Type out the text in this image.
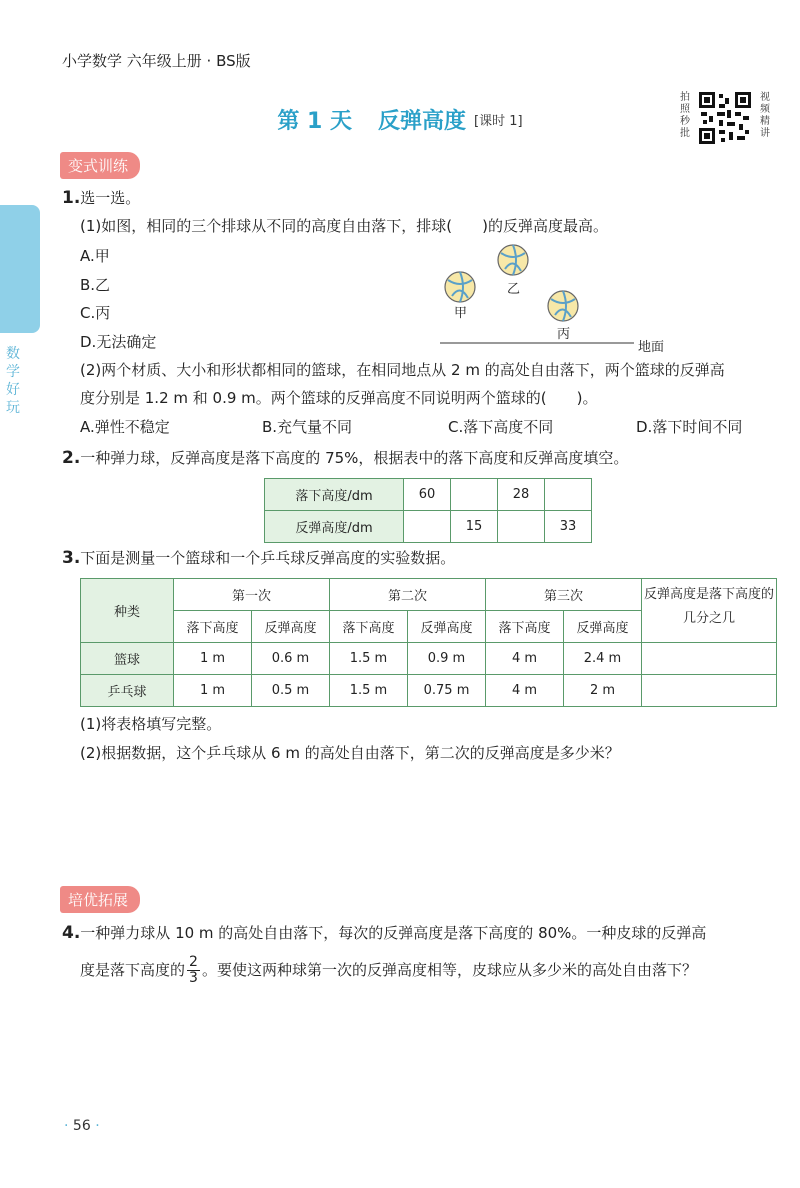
小学数学 六年级上册 · BS版
第 1 天 反弹高度 [课时 1]
拍照秒批
视频精讲
数学好玩
变式训练
1.选一选。
(1)如图，相同的三个排球从不同的高度自由落下，排球(　　)的反弹高度最高。
A.甲
B.乙
C.丙
D.无法确定
甲
乙
丙
地面
(2)两个材质、大小和形状都相同的篮球，在相同地点从 2 m 的高处自由落下，两个篮球的反弹高
度分别是 1.2 m 和 0.9 m。两个篮球的反弹高度不同说明两个篮球的(　　)。
A.弹性不稳定	B.充气量不同	C.落下高度不同	D.落下时间不同
2.一种弹力球，反弹高度是落下高度的 75%，根据表中的落下高度和反弹高度填空。
落下高度/dm	60		28	
反弹高度/dm		15		33
3.下面是测量一个篮球和一个乒乓球反弹高度的实验数据。
种类	第一次		第二次		第三次		反弹高度是落下高度的几分之几
	落下高度	反弹高度	落下高度	反弹高度	落下高度	反弹高度	
篮球	1 m	0.6 m	1.5 m	0.9 m	4 m	2.4 m	
乒乓球	1 m	0.5 m	1.5 m	0.75 m	4 m	2 m	
(1)将表格填写完整。
(2)根据数据，这个乒乓球从 6 m 的高处自由落下，第二次的反弹高度是多少米？
培优拓展
4.一种弹力球从 10 m 的高处自由落下，每次的反弹高度是落下高度的 80%。一种皮球的反弹高
度是落下高度的 $\frac{2}{3}$ 。要使这两种球第一次的反弹高度相等，皮球应从多少米的高处自由落下？
· 56 ·
